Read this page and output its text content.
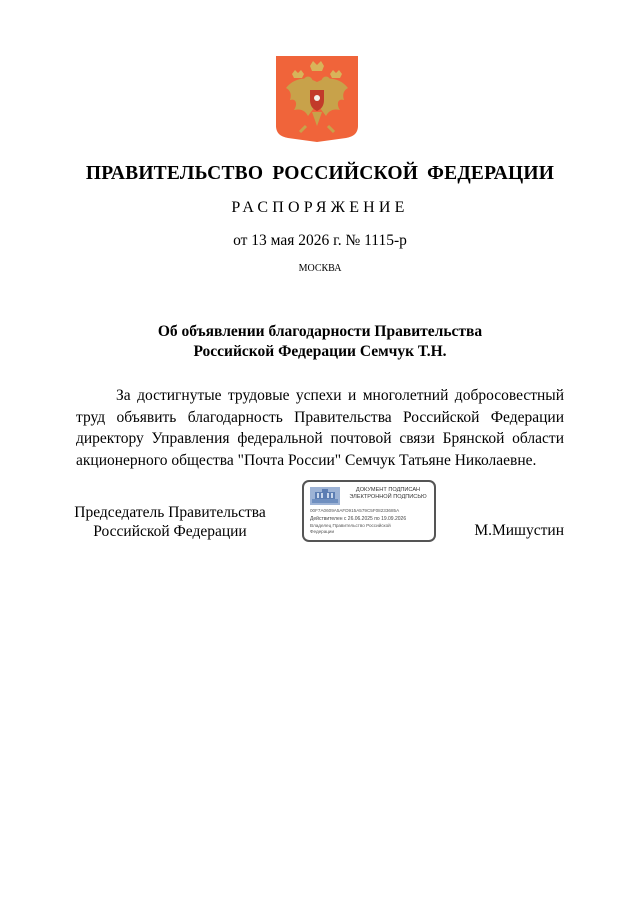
ПРАВИТЕЛЬСТВО РОССИЙСКОЙ ФЕДЕРАЦИИ
РАСПОРЯЖЕНИЕ
от 13 мая 2026 г. № 1115-р
МОСКВА
Об объявлении благодарности Правительства
Российской Федерации Семчук Т.Н.
За достигнутые трудовые успехи и многолетний добросовестный труд объявить благодарность Правительства Российской Федерации директору Управления федеральной почтовой связи Брянской области акционерного общества "Почта России" Семчук Татьяне Николаевне.
Председатель Правительства
Российской Федерации
ДОКУМЕНТ ПОДПИСАН
ЭЛЕКТРОННОЙ ПОДПИСЬЮ
00F7A0609A5AFD915A579C5F08233685A
Действителен с 26.06.2025 по 19.09.2026
Владелец Правительство Российской
Федерации	М.Мишустин
